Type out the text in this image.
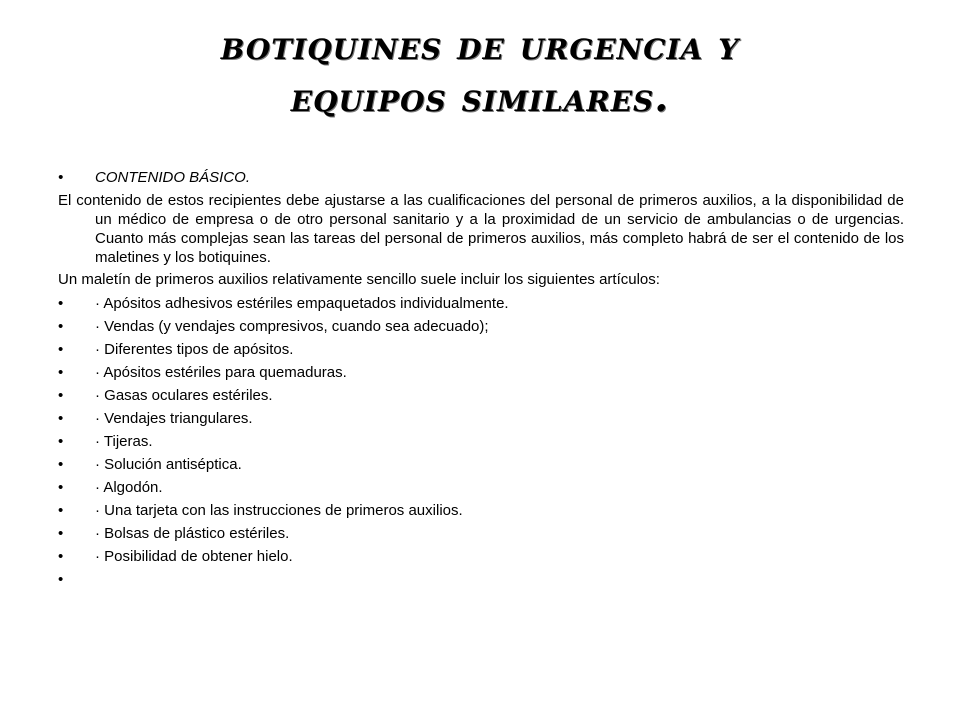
botiquines de urgencia y
equipos similares.
•	CONTENIDO BÁSICO.

El contenido de estos recipientes debe ajustarse a las cualificaciones del personal de primeros auxilios, a la disponibilidad de un médico de empresa o de otro personal sanitario y a la proximidad de un servicio de ambulancias o de urgencias. Cuanto más complejas sean las tareas del personal de primeros auxilios, más completo habrá de ser el contenido de los maletines y los botiquines.

Un maletín de primeros auxilios relativamente sencillo suele incluir los siguientes artículos:

•	· Apósitos adhesivos estériles empaquetados individualmente.
•	· Vendas (y vendajes compresivos, cuando sea adecuado);
•	· Diferentes tipos de apósitos.
•	· Apósitos estériles para quemaduras.
•	· Gasas oculares estériles.
•	· Vendajes triangulares.
•	· Tijeras.
•	· Solución antiséptica.
•	· Algodón.
•	· Una tarjeta con las instrucciones de primeros auxilios.
•	· Bolsas de plástico estériles.
•	· Posibilidad de obtener hielo.
•
